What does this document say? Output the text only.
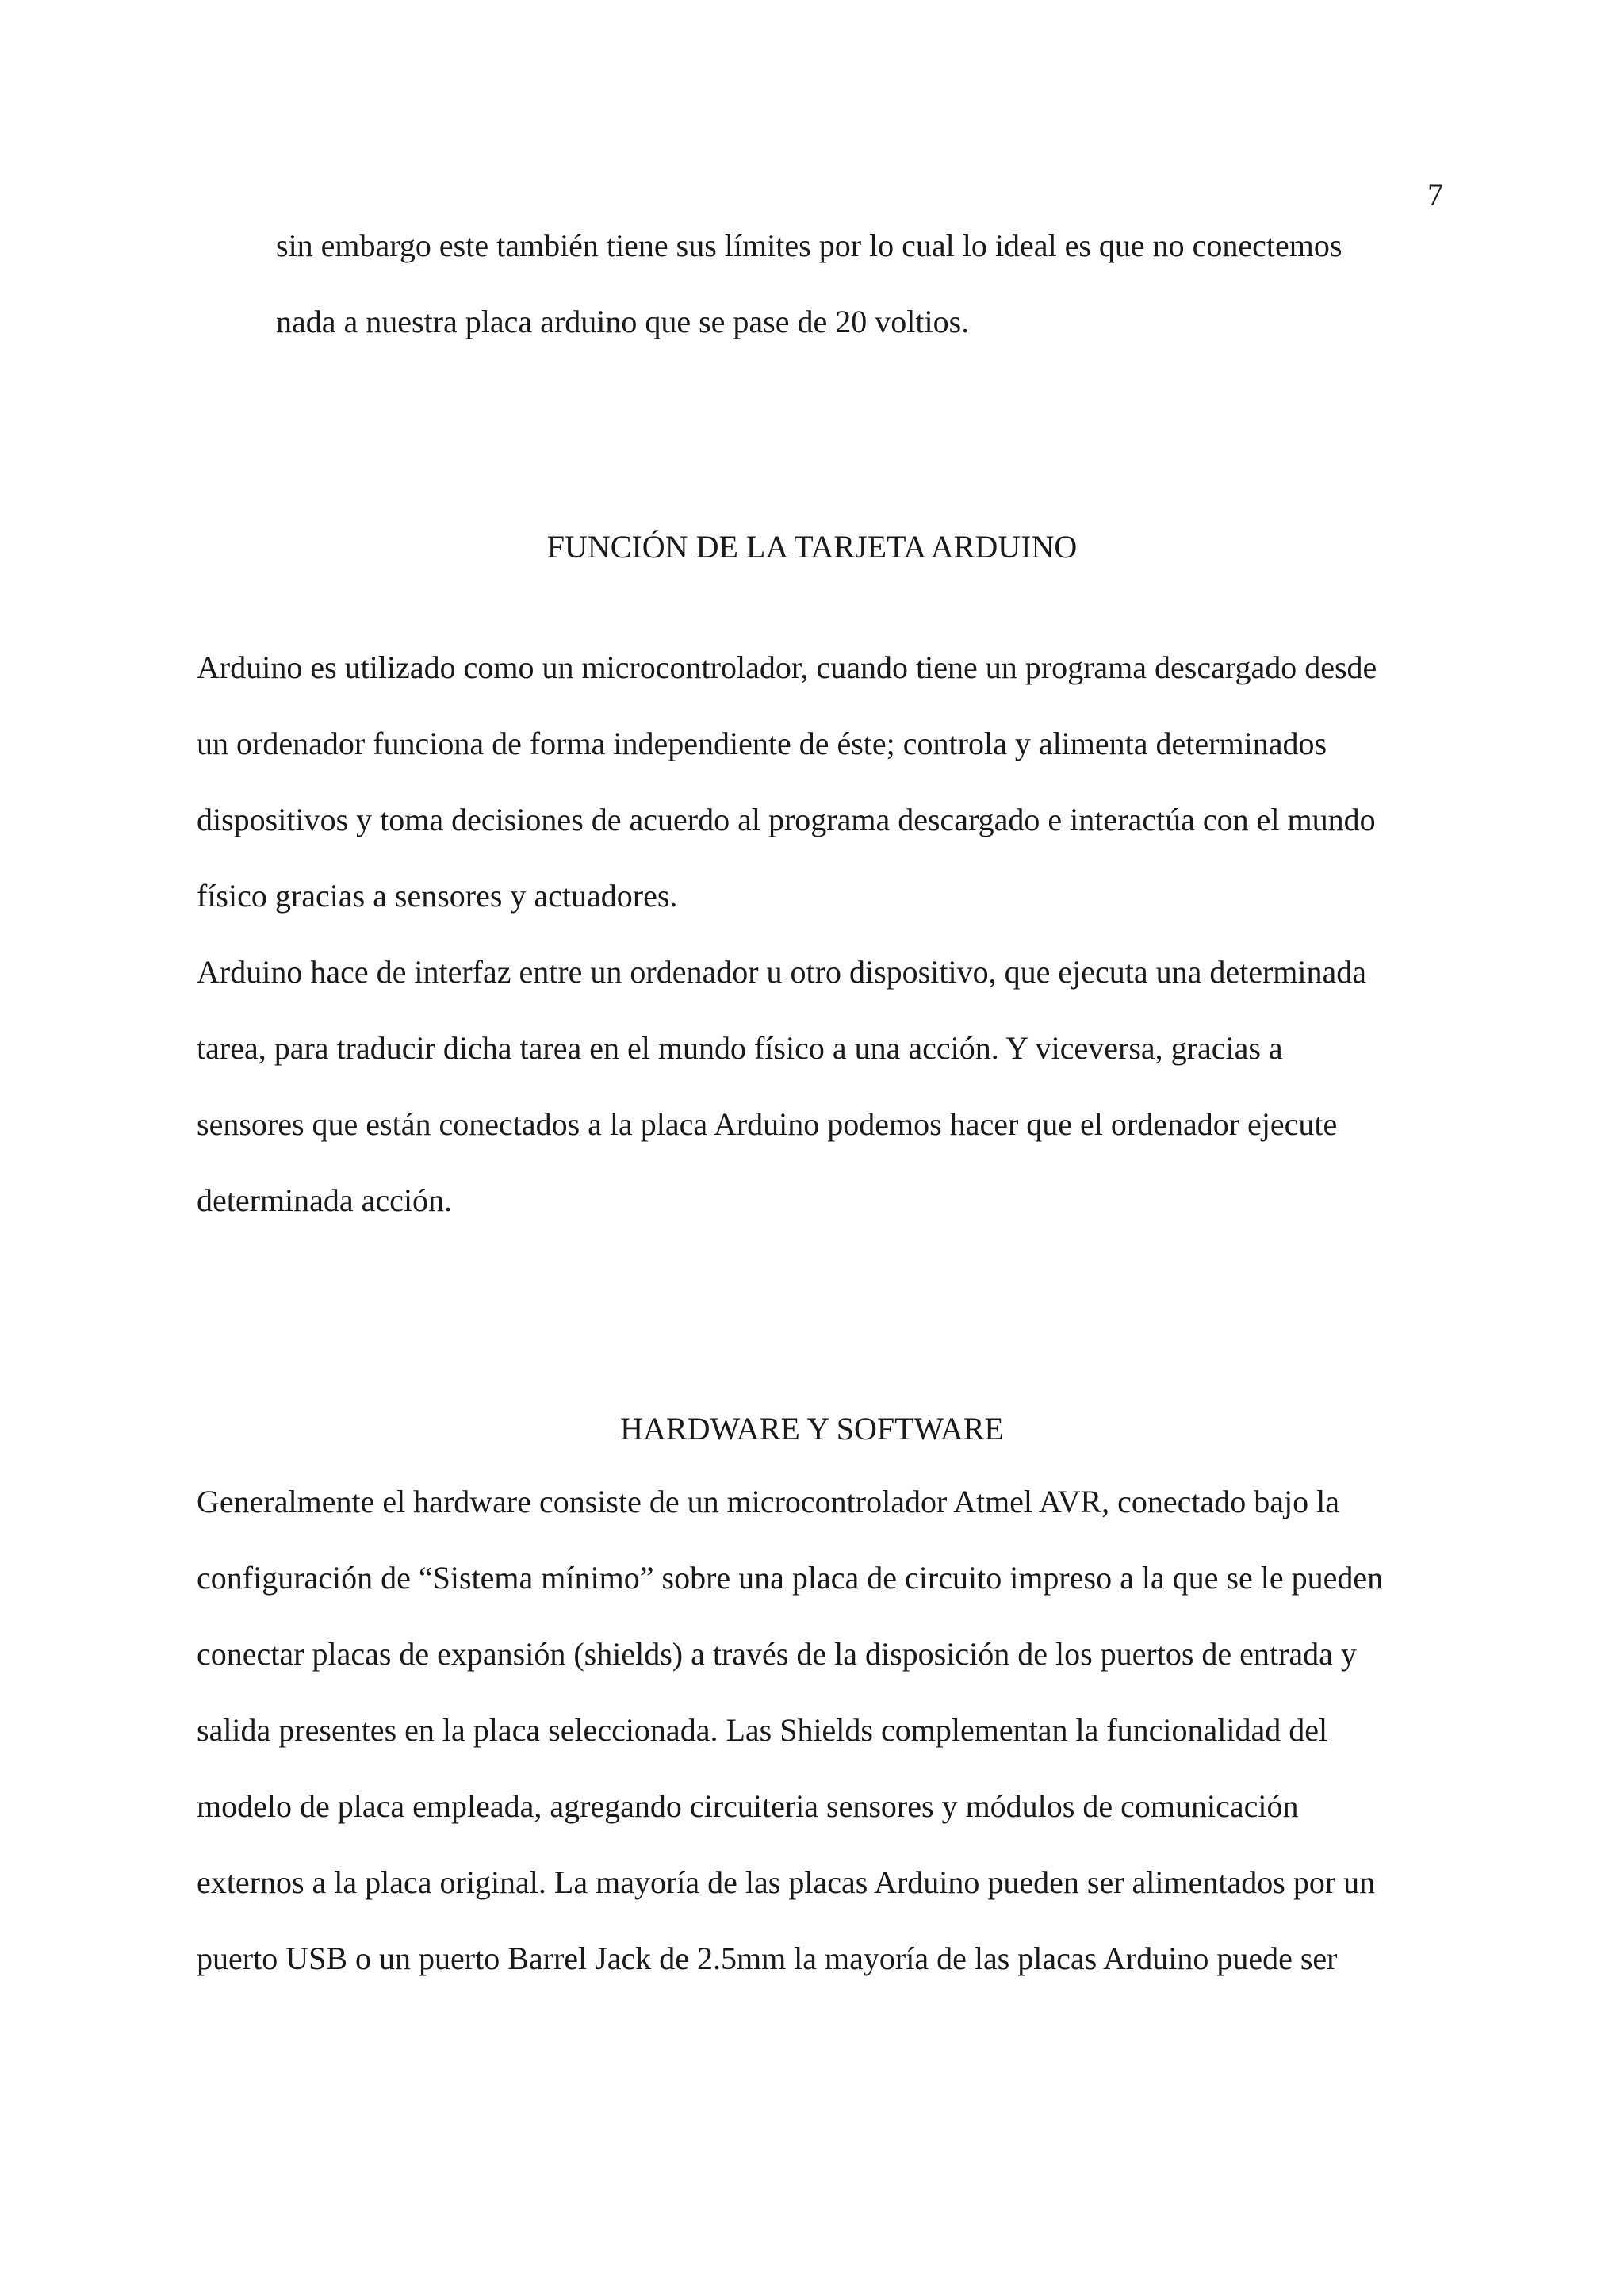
7
sin embargo este también tiene sus límites por lo cual lo ideal es que no conectemos
nada a nuestra placa arduino que se pase de 20 voltios.
FUNCIÓN DE LA TARJETA ARDUINO
Arduino es utilizado como un microcontrolador, cuando tiene un programa descargado desde
un ordenador funciona de forma independiente de éste; controla y alimenta determinados
dispositivos y toma decisiones de acuerdo al programa descargado e interactúa con el mundo
físico gracias a sensores y actuadores.
Arduino hace de interfaz entre un ordenador u otro dispositivo, que ejecuta una determinada
tarea, para traducir dicha tarea en el mundo físico a una acción. Y viceversa, gracias a
sensores que están conectados a la placa Arduino podemos hacer que el ordenador ejecute
determinada acción.
HARDWARE Y SOFTWARE
Generalmente el hardware consiste de un microcontrolador Atmel AVR, conectado bajo la
configuración de “Sistema mínimo” sobre una placa de circuito impreso a la que se le pueden
conectar placas de expansión (shields) a través de la disposición de los puertos de entrada y
salida presentes en la placa seleccionada. Las Shields complementan la funcionalidad del
modelo de placa empleada, agregando circuiteria sensores y módulos de comunicación
externos a la placa original. La mayoría de las placas Arduino pueden ser alimentados por un
puerto USB o un puerto Barrel Jack de 2.5mm la mayoría de las placas Arduino puede ser
